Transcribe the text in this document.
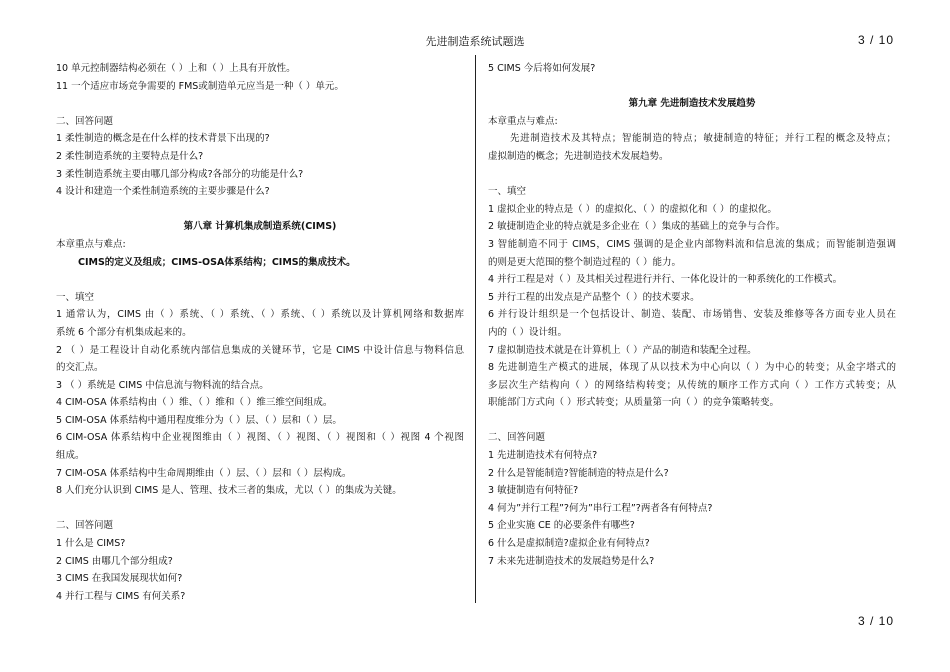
先进制造系统试题选	3 / 10
10 单元控制器结构必须在（ ）上和（ ）上具有开放性。
11 一个适应市场竞争需要的 FMS或制造单元应当是一种（ ）单元。
二、回答问题
1 柔性制造的概念是在什么样的技术背景下出现的?
2 柔性制造系统的主要特点是什么?
3 柔性制造系统主要由哪几部分构成?各部分的功能是什么?
4 设计和建造一个柔性制造系统的主要步骤是什么?
第八章 计算机集成制造系统(CIMS)
本章重点与难点:
CIMS的定义及组成；CIMS-OSA体系结构；CIMS的集成技术。
一、填空
1 通常认为，CIMS 由（ ）系统、（ ）系统、（ ）系统、（ ）系统以及计算机网络和数据库
系统 6 个部分有机集成起来的。
2 （ ）是工程设计自动化系统内部信息集成的关键环节，它是 CIMS 中设计信息与物料信息
的交汇点。
3 （ ）系统是 CIMS 中信息流与物料流的结合点。
4 CIM-OSA 体系结构由（ ）维、（ ）维和（ ）维三维空间组成。
5 CIM-OSA 体系结构中通用程度维分为（ ）层、（ ）层和（ ）层。
6 CIM-OSA 体系结构中企业视图维由（ ）视图、（ ）视图、（ ）视图和（ ）视图 4 个视图
组成。
7 CIM-OSA 体系结构中生命周期维由（ ）层、（ ）层和（ ）层构成。
8 人们充分认识到 CIMS 是人、管理、技术三者的集成，尤以（ ）的集成为关键。
二、回答问题
1 什么是 CIMS?
2 CIMS 由哪几个部分组成?
3 CIMS 在我国发展现状如何?
4 并行工程与 CIMS 有何关系?
5 CIMS 今后将如何发展?
第九章 先进制造技术发展趋势
本章重点与难点:
先进制造技术及其特点；智能制造的特点；敏捷制造的特征；并行工程的概念及特点；
虚拟制造的概念；先进制造技术发展趋势。
一、填空
1 虚拟企业的特点是（ ）的虚拟化、（ ）的虚拟化和（ ）的虚拟化。
2 敏捷制造企业的特点就是多企业在（ ）集成的基础上的竞争与合作。
3 智能制造不同于 CIMS，CIMS 强调的是企业内部物料流和信息流的集成；而智能制造强调
的则是更大范围的整个制造过程的（ ）能力。
4 并行工程是对（ ）及其相关过程进行并行、一体化设计的一种系统化的工作模式。
5 并行工程的出发点是产品整个（ ）的技术要求。
6 并行设计组织是一个包括设计、制造、装配、市场销售、安装及维修等各方面专业人员在
内的（ ）设计组。
7 虚拟制造技术就是在计算机上（ ）产品的制造和装配全过程。
8 先进制造生产模式的进展，体现了从以技术为中心向以（ ）为中心的转变；从金字塔式的
多层次生产结构向（ ）的网络结构转变；从传统的顺序工作方式向（ ）工作方式转变；从
职能部门方式向（ ）形式转变；从质量第一向（ ）的竞争策略转变。
二、回答问题
1 先进制造技术有何特点?
2 什么是智能制造?智能制造的特点是什么?
3 敏捷制造有何特征?
4 何为”并行工程”?何为”串行工程”?两者各有何特点?
5 企业实施 CE 的必要条件有哪些?
6 什么是虚拟制造?虚拟企业有何特点?
7 未来先进制造技术的发展趋势是什么?
3 / 10
